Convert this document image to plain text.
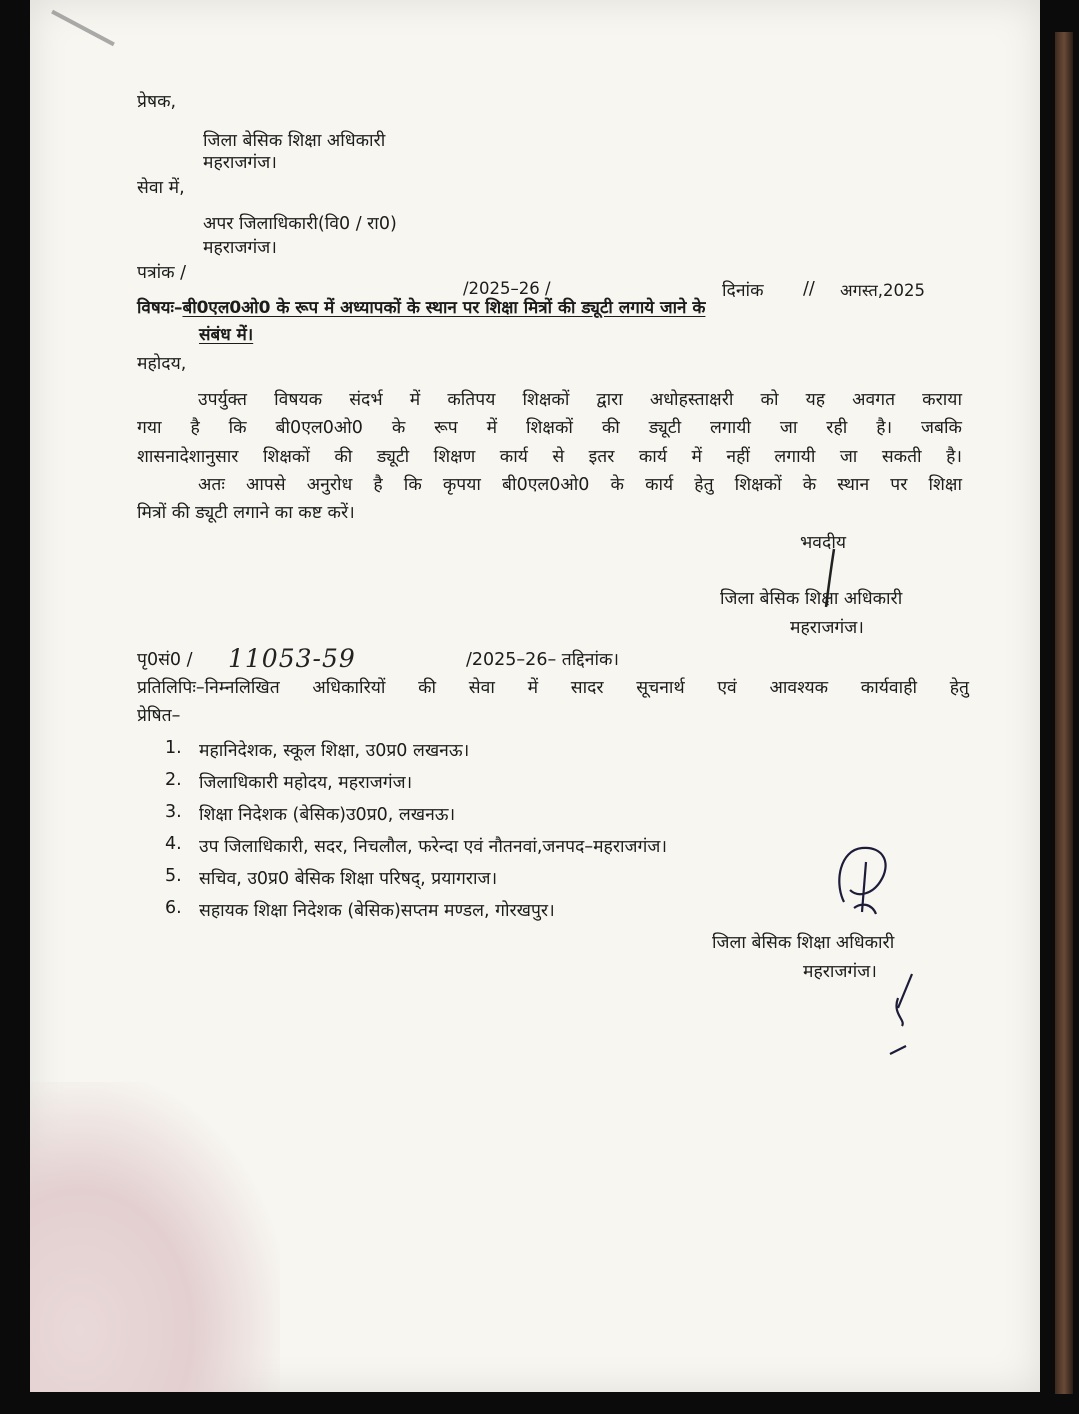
प्रेषक,
जिला बेसिक शिक्षा अधिकारी
महराजगंज।
सेवा में,
अपर जिलाधिकारी(वि0 / रा0)
महराजगंज।
पत्रांक /
/2025–26 /	दिनांक // अगस्त,2025
विषयः–बी0एल0ओ0 के रूप में अध्यापकों के स्थान पर शिक्षा मित्रों की ड्यूटी लगाये जाने के
संबंध में।
महोदय,
उपर्युक्त विषयक संदर्भ में कतिपय शिक्षकों द्वारा अधोहस्ताक्षरी को यह अवगत कराया
गया है कि बी0एल0ओ0 के रूप में शिक्षकों की ड्यूटी लगायी जा रही है। जबकि
शासनादेशानुसार शिक्षकों की ड्यूटी शिक्षण कार्य से इतर कार्य में नहीं लगायी जा सकती है।
अतः आपसे अनुरोध है कि कृपया बी0एल0ओ0 के कार्य हेतु शिक्षकों के स्थान पर शिक्षा
मित्रों की ड्यूटी लगाने का कष्ट करें।
भवदीय
जिला बेसिक शिक्षा अधिकारी
महराजगंज।
पृ0सं0 / 11053-59	/2025–26– तद्दिनांक।
प्रतिलिपिः–निम्नलिखित अधिकारियों की सेवा में सादर सूचनार्थ एवं आवश्यक कार्यवाही हेतु
प्रेषित–
1. महानिदेशक, स्कूल शिक्षा, उ0प्र0 लखनऊ।
2. जिलाधिकारी महोदय, महराजगंज।
3. शिक्षा निदेशक (बेसिक)उ0प्र0, लखनऊ।
4. उप जिलाधिकारी, सदर, निचलौल, फरेन्दा एवं नौतनवां,जनपद–महराजगंज।
5. सचिव, उ0प्र0 बेसिक शिक्षा परिषद्, प्रयागराज।
6. सहायक शिक्षा निदेशक (बेसिक)सप्तम मण्डल, गोरखपुर।
जिला बेसिक शिक्षा अधिकारी
महराजगंज।
